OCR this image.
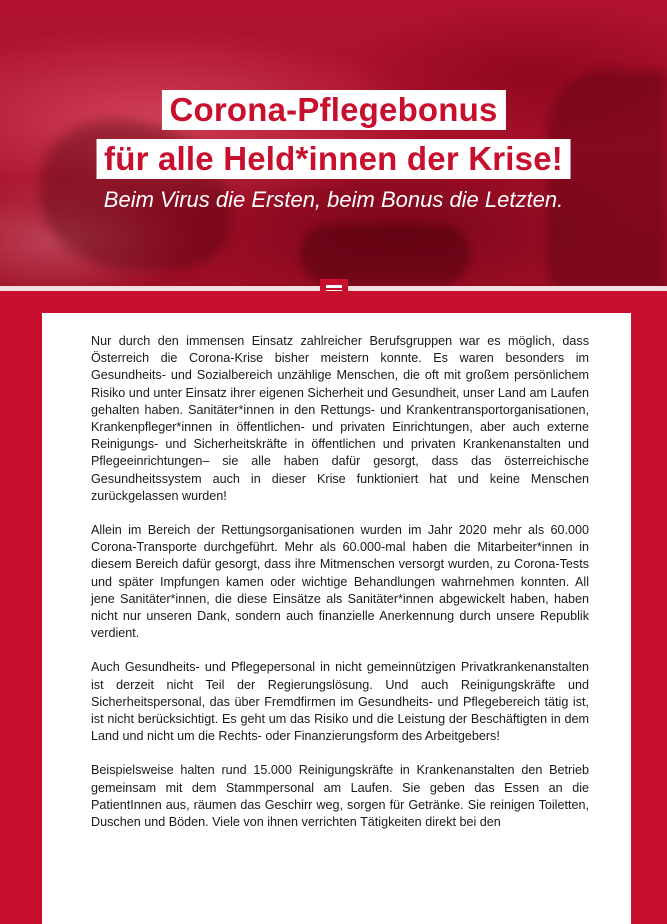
Corona-Pflegebonus
für alle Held*innen der Krise!
Beim Virus die Ersten, beim Bonus die Letzten.

Nur durch den immensen Einsatz zahlreicher Berufsgruppen war es möglich, dass Österreich die Corona-Krise bisher meistern konnte. Es waren besonders im Gesundheits- und Sozialbereich unzählige Menschen, die oft mit großem persönlichem Risiko und unter Einsatz ihrer eigenen Sicherheit und Gesundheit, unser Land am Laufen gehalten haben. Sanitäter*innen in den Rettungs- und Krankentransportorganisationen, Krankenpfleger*innen in öffentlichen- und privaten Einrichtungen, aber auch externe Reinigungs- und Sicherheitskräfte in öffentlichen und privaten Krankenanstalten und Pflegeeinrichtungen– sie alle haben dafür gesorgt, dass das österreichische Gesundheitssystem auch in dieser Krise funktioniert hat und keine Menschen zurückgelassen wurden!

Allein im Bereich der Rettungsorganisationen wurden im Jahr 2020 mehr als 60.000 Corona-Transporte durchgeführt. Mehr als 60.000-mal haben die Mitarbeiter*innen in diesem Bereich dafür gesorgt, dass ihre Mitmenschen versorgt wurden, zu Corona-Tests und später Impfungen kamen oder wichtige Behandlungen wahrnehmen konnten. All jene Sanitäter*innen, die diese Einsätze als Sanitäter*innen abgewickelt haben, haben nicht nur unseren Dank, sondern auch finanzielle Anerkennung durch unsere Republik verdient.

Auch Gesundheits- und Pflegepersonal in nicht gemeinnützigen Privatkrankenanstalten ist derzeit nicht Teil der Regierungslösung. Und auch Reinigungskräfte und Sicherheitspersonal, das über Fremdfirmen im Gesundheits- und Pflegebereich tätig ist, ist nicht berücksichtigt. Es geht um das Risiko und die Leistung der Beschäftigten in dem Land und nicht um die Rechts- oder Finanzierungsform des Arbeitgebers!

Beispielsweise halten rund 15.000 Reinigungskräfte in Krankenanstalten den Betrieb gemeinsam mit dem Stammpersonal am Laufen. Sie geben das Essen an die PatientInnen aus, räumen das Geschirr weg, sorgen für Getränke. Sie reinigen Toiletten, Duschen und Böden. Viele von ihnen verrichten Tätigkeiten direkt bei den
